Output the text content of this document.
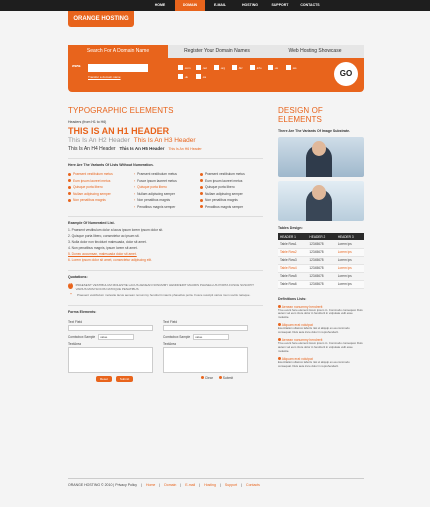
ORANGE HOSTING
HOME	DOMAIN	E-MAIL	HOSTING	SUPPORT	CONTACTS
Search For A Domain Name	Register Your Domain Names	Web Hosting Showcase
www.
Transfer a domain name
.com	.net	.org	.biz	.info	.us	.ws
.uk	.ca	GO
TYPOGRAPHIC ELEMENTS
Headers (from H1 to H6)
THIS IS AN H1 HEADER
This Is An H2 Header This Is An H3 Header
This Is An H4 Header This Is An H5 Header This Is An H6 Header
Here Are The Variants Of Lists Without Numeration.
Praesent vestibulum metus
Eum ipsum laoreet metus
Quisque porta libero
Nullam adipiscing semper
Non penatibus magnis
› Praesent vestibulum metus
› Fusce ipsum laoreet metus
› Quisque porta libero
› Nullam adipiscing semper
› Non penatibus magnis
› Penatibus magnis semper
Praesent vestibulum metus
Eum ipsum laoreet metus
Quisque porta libero
Nullam adipiscing semper
Non penatibus magnis
Penatibus magnis semper
Example Of Numerated List.
1. Praesent vestibulum dolor a lacus ipsum lorem ipsum dolor sit.
2. Quisque porta libero, consectetur ac ipsum sit.
3. Nulla dolor non tincidunt malesuada, dolor sit amet.
4. Non penatibus magnis, ipsum lorem sit amet.
5. Donec accumsan, malesuada dolor sit amet.
6. Lorem ipsum dolor sit amet, consectetur adipiscing elit.
Quotations:
“	PRAESENT VESTIBULUM MOLESTIE LACUS AENEAN NONUMMY HENDRERIT MAURIS PHASELLUS PORTA FUSCE SUSCIPIT VARIUS MUM SOCIIS NATOQUE PENATIBUS
“	Praesent vestibulum molestie lacus aenean nonummy hendrerit mauris phasellus porta. Fusce suscipit varius mum sociis natoque.
Forms Elements:
Text Field
Combobox Sample	value
TextArea
Reset	Submit
Text Field
Combobox Sample	value
TextArea
Clear	Submit
DESIGN OF ELEMENTS
There Are The Variants Of Image Substrate.
Tables Design:
HEADER 1	HEADER 2	HEADER 3
Table Row1	12345678	Lorem ips
Table Row2	12345678	Lorem ips
Table Row3	12345678	Lorem ips
Table Row4	12345678	Lorem ips
Table Row5	12345678	Lorem ips
Table Row6	12345678	Lorem ips
Definitions Lists:
Aenean nonummy hendrerit
True event here element lorem ipsum in. Commodo consequat. Duis autem vel eum iriure dolor in hendrerit in vulputate velit esse molestie.
Aliquam erat volutpat
Exercitation ullamco laboris nisi ut aliquip ex ea commodo consequat. Duis aute irure dolor in reprehenderit.
Aenean nonummy hendrerit
True event here element lorem ipsum in. Commodo consequat. Duis autem vel eum iriure dolor in hendrerit in vulputate velit esse molestie.
Aliquam erat volutpat
Exercitation ullamco laboris nisi ut aliquip ex ea commodo consequat. Duis aute irure dolor in reprehenderit.
ORANGE HOSTING © 2010 | Privacy Policy | Home | Domain | E-mail | Hosting | Support | Contacts
